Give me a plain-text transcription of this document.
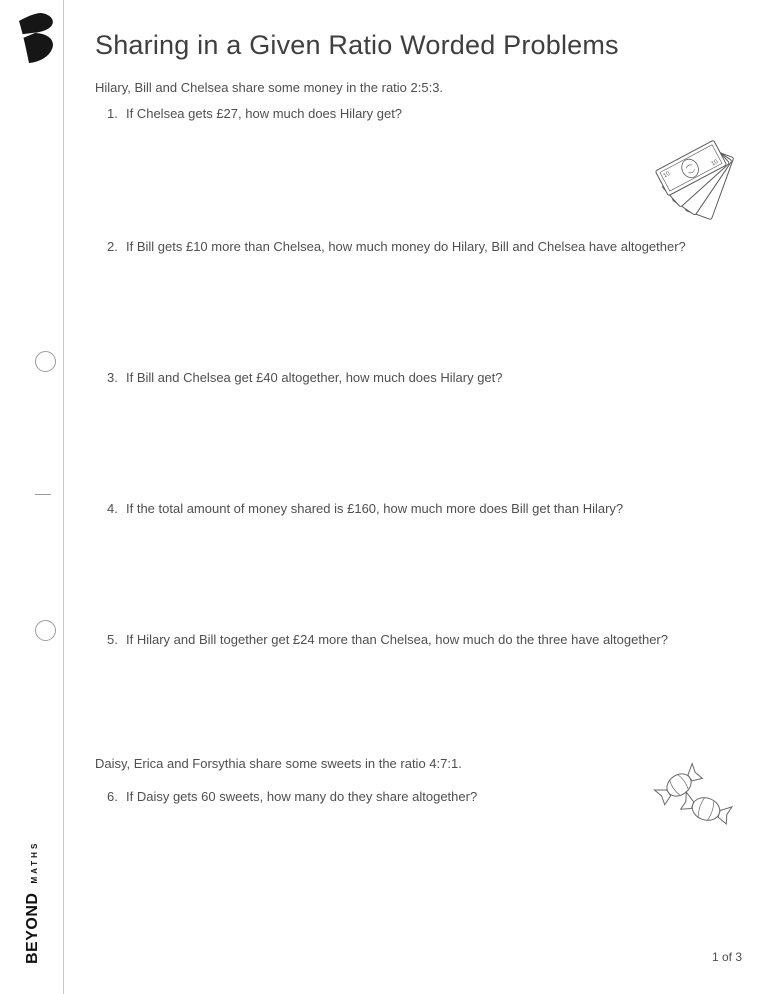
BEYOND
MATHS
Sharing in a Given Ratio Worded Problems

Hilary, Bill and Chelsea share some money in the ratio 2:5:3.

1. If Chelsea gets £27, how much does Hilary get?
2. If Bill gets £10 more than Chelsea, how much money do Hilary, Bill and Chelsea have altogether?
3. If Bill and Chelsea get £40 altogether, how much does Hilary get?
4. If the total amount of money shared is £160, how much more does Bill get than Hilary?
5. If Hilary and Bill together get £24 more than Chelsea, how much do the three have altogether?

Daisy, Erica and Forsythia share some sweets in the ratio 4:7:1.

6. If Daisy gets 60 sweets, how many do they share altogether?
10
10
1 of 3
